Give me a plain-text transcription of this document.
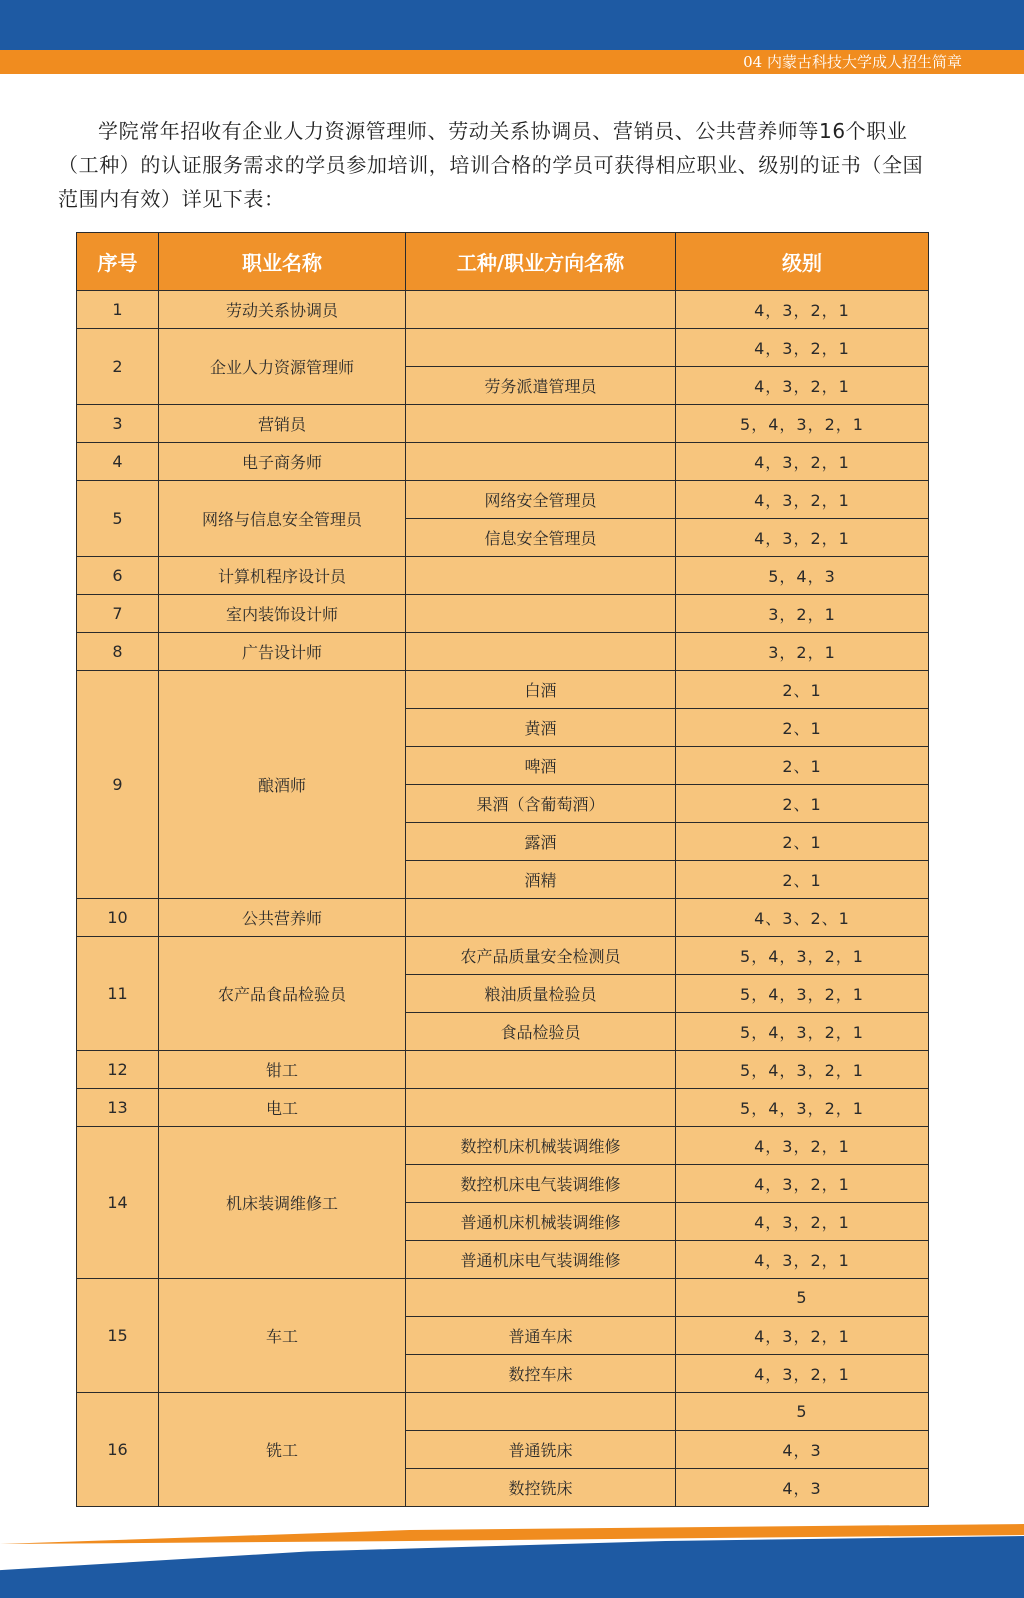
04 内蒙古科技大学成人招生简章

学院常年招收有企业人力资源管理师、劳动关系协调员、营销员、公共营养师等16个职业（工种）的认证服务需求的学员参加培训，培训合格的学员可获得相应职业、级别的证书（全国范围内有效）详见下表：

序号	职业名称	工种/职业方向名称	级别
1	劳动关系协调员		4，3，2，1
2	企业人力资源管理师		4，3，2，1
		劳务派遣管理员	4，3，2，1
3	营销员		5，4，3，2，1
4	电子商务师		4，3，2，1
5	网络与信息安全管理员	网络安全管理员	4，3，2，1
		信息安全管理员	4，3，2，1
6	计算机程序设计员		5，4，3
7	室内装饰设计师		3，2，1
8	广告设计师		3，2，1
9	酿酒师	白酒	2、1
		黄酒	2、1
		啤酒	2、1
		果酒（含葡萄酒）	2、1
		露酒	2、1
		酒精	2、1
10	公共营养师		4、3、2、1
11	农产品食品检验员	农产品质量安全检测员	5，4，3，2，1
		粮油质量检验员	5，4，3，2，1
		食品检验员	5，4，3，2，1
12	钳工		5，4，3，2，1
13	电工		5，4，3，2，1
14	机床装调维修工	数控机床机械装调维修	4，3，2，1
		数控机床电气装调维修	4，3，2，1
		普通机床机械装调维修	4，3，2，1
		普通机床电气装调维修	4，3，2，1
15	车工		5
		普通车床	4，3，2，1
		数控车床	4，3，2，1
16	铣工		5
		普通铣床	4，3
		数控铣床	4，3
